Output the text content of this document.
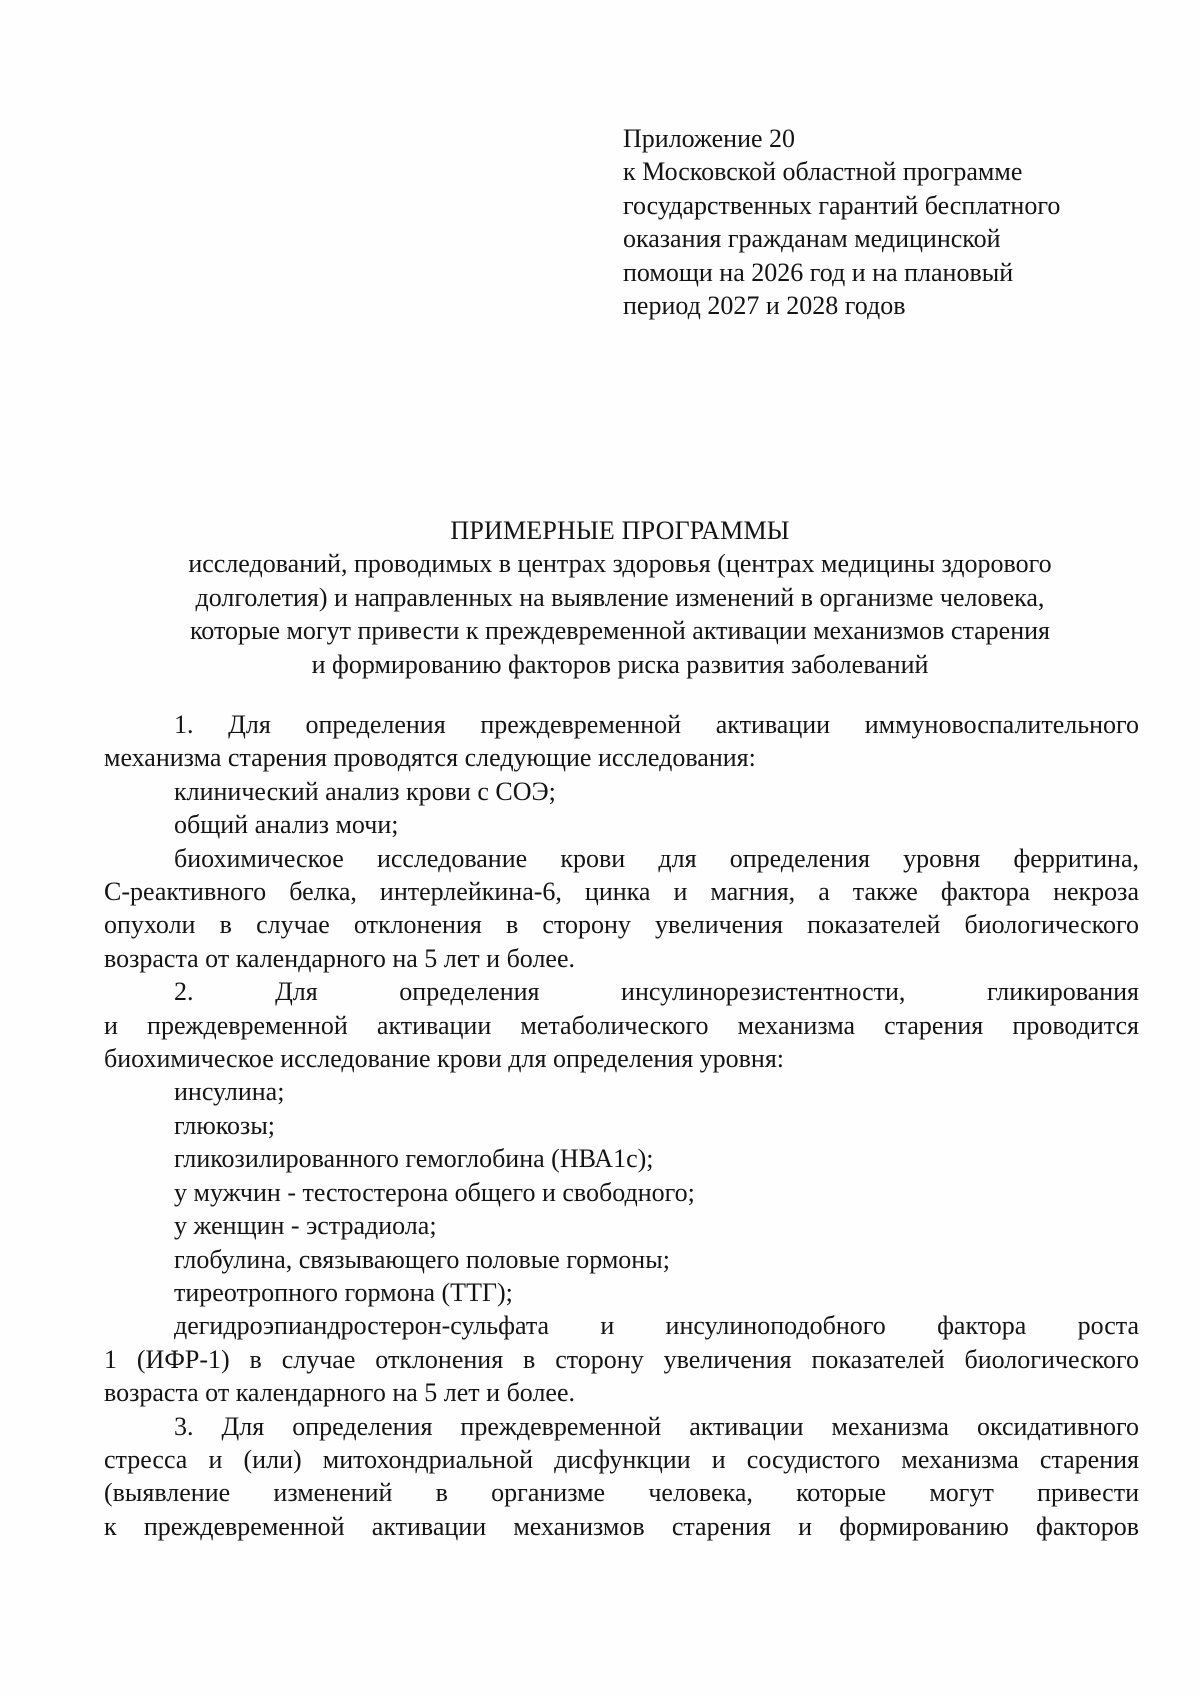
Приложение 20
к Московской областной программе
государственных гарантий бесплатного
оказания гражданам медицинской
помощи на 2026 год и на плановый
период 2027 и 2028 годов
ПРИМЕРНЫЕ ПРОГРАММЫ
исследований, проводимых в центрах здоровья (центрах медицины здорового
долголетия) и направленных на выявление изменений в организме человека,
которые могут привести к преждевременной активации механизмов старения
и формированию факторов риска развития заболеваний
1. Для определения преждевременной активации иммуновоспалительного
механизма старения проводятся следующие исследования:
клинический анализ крови с СОЭ;
общий анализ мочи;
биохимическое исследование крови для определения уровня ферритина,
С-реактивного белка, интерлейкина-6, цинка и магния, а также фактора некроза
опухоли в случае отклонения в сторону увеличения показателей биологического
возраста от календарного на 5 лет и более.
2. Для определения инсулинорезистентности, гликирования
и преждевременной активации метаболического механизма старения проводится
биохимическое исследование крови для определения уровня:
инсулина;
глюкозы;
гликозилированного гемоглобина (НВА1с);
у мужчин - тестостерона общего и свободного;
у женщин - эстрадиола;
глобулина, связывающего половые гормоны;
тиреотропного гормона (ТТГ);
дегидроэпиандростерон-сульфата и инсулиноподобного фактора роста
1 (ИФР-1) в случае отклонения в сторону увеличения показателей биологического
возраста от календарного на 5 лет и более.
3. Для определения преждевременной активации механизма оксидативного
стресса и (или) митохондриальной дисфункции и сосудистого механизма старения
(выявление изменений в организме человека, которые могут привести
к преждевременной активации механизмов старения и формированию факторов
